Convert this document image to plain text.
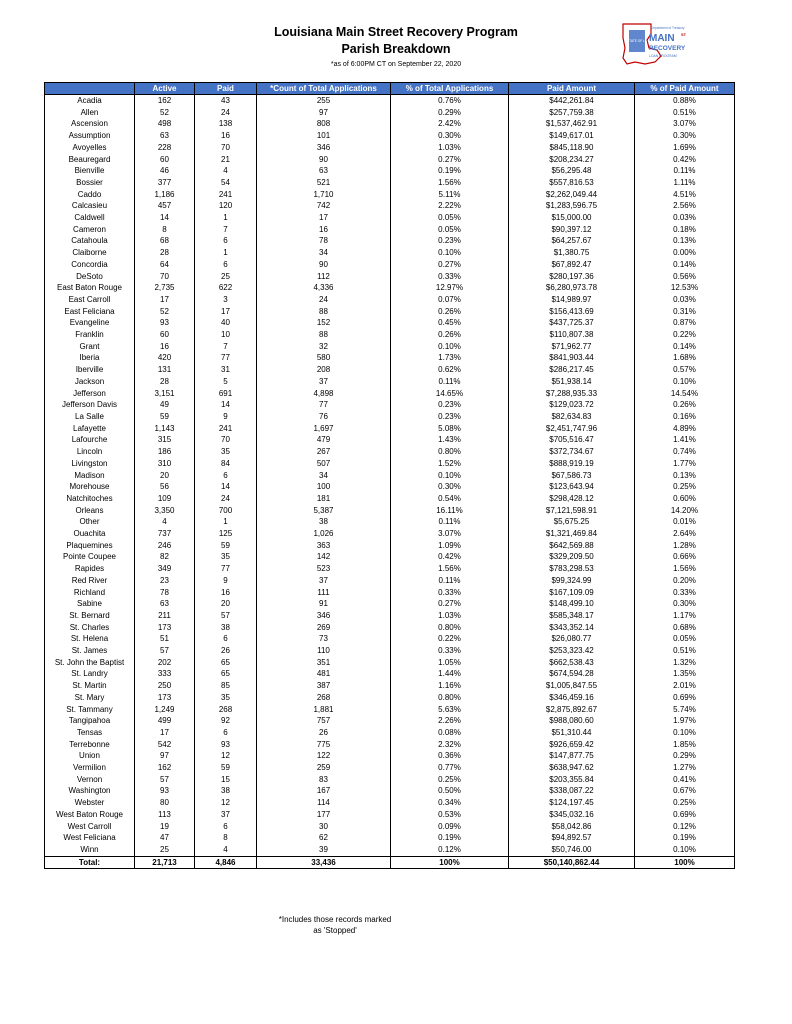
Louisiana Main Street Recovery Program
Parish Breakdown
*as of 6:00PM CT on September 22, 2020
STATE OF LA
Department of Treasury
MAIN ST
RECOVERY
LOAN PROGRAM
	Active	Paid	*Count of Total Applications	% of Total Applications	Paid Amount	% of Paid Amount
Acadia	162	43	255	0.76%	$442,261.84	0.88%
Allen	52	24	97	0.29%	$257,759.38	0.51%
Ascension	498	138	808	2.42%	$1,537,462.91	3.07%
Assumption	63	16	101	0.30%	$149,617.01	0.30%
Avoyelles	228	70	346	1.03%	$845,118.90	1.69%
Beauregard	60	21	90	0.27%	$208,234.27	0.42%
Bienville	46	4	63	0.19%	$56,295.48	0.11%
Bossier	377	54	521	1.56%	$557,816.53	1.11%
Caddo	1,186	241	1,710	5.11%	$2,262,049.44	4.51%
Calcasieu	457	120	742	2.22%	$1,283,596.75	2.56%
Caldwell	14	1	17	0.05%	$15,000.00	0.03%
Cameron	8	7	16	0.05%	$90,397.12	0.18%
Catahoula	68	6	78	0.23%	$64,257.67	0.13%
Claiborne	28	1	34	0.10%	$1,380.75	0.00%
Concordia	64	6	90	0.27%	$67,892.47	0.14%
DeSoto	70	25	112	0.33%	$280,197.36	0.56%
East Baton Rouge	2,735	622	4,336	12.97%	$6,280,973.78	12.53%
East Carroll	17	3	24	0.07%	$14,989.97	0.03%
East Feliciana	52	17	88	0.26%	$156,413.69	0.31%
Evangeline	93	40	152	0.45%	$437,725.37	0.87%
Franklin	60	10	88	0.26%	$110,807.38	0.22%
Grant	16	7	32	0.10%	$71,962.77	0.14%
Iberia	420	77	580	1.73%	$841,903.44	1.68%
Iberville	131	31	208	0.62%	$286,217.45	0.57%
Jackson	28	5	37	0.11%	$51,938.14	0.10%
Jefferson	3,151	691	4,898	14.65%	$7,288,935.33	14.54%
Jefferson Davis	49	14	77	0.23%	$129,023.72	0.26%
La Salle	59	9	76	0.23%	$82,634.83	0.16%
Lafayette	1,143	241	1,697	5.08%	$2,451,747.96	4.89%
Lafourche	315	70	479	1.43%	$705,516.47	1.41%
Lincoln	186	35	267	0.80%	$372,734.67	0.74%
Livingston	310	84	507	1.52%	$888,919.19	1.77%
Madison	20	6	34	0.10%	$67,586.73	0.13%
Morehouse	56	14	100	0.30%	$123,643.94	0.25%
Natchitoches	109	24	181	0.54%	$298,428.12	0.60%
Orleans	3,350	700	5,387	16.11%	$7,121,598.91	14.20%
Other	4	1	38	0.11%	$5,675.25	0.01%
Ouachita	737	125	1,026	3.07%	$1,321,469.84	2.64%
Plaquemines	246	59	363	1.09%	$642,569.88	1.28%
Pointe Coupee	82	35	142	0.42%	$329,209.50	0.66%
Rapides	349	77	523	1.56%	$783,298.53	1.56%
Red River	23	9	37	0.11%	$99,324.99	0.20%
Richland	78	16	111	0.33%	$167,109.09	0.33%
Sabine	63	20	91	0.27%	$148,499.10	0.30%
St. Bernard	211	57	346	1.03%	$585,348.17	1.17%
St. Charles	173	38	269	0.80%	$343,352.14	0.68%
St. Helena	51	6	73	0.22%	$26,080.77	0.05%
St. James	57	26	110	0.33%	$253,323.42	0.51%
St. John the Baptist	202	65	351	1.05%	$662,538.43	1.32%
St. Landry	333	65	481	1.44%	$674,594.28	1.35%
St. Martin	250	85	387	1.16%	$1,005,847.55	2.01%
St. Mary	173	35	268	0.80%	$346,459.16	0.69%
St. Tammany	1,249	268	1,881	5.63%	$2,875,892.67	5.74%
Tangipahoa	499	92	757	2.26%	$988,080.60	1.97%
Tensas	17	6	26	0.08%	$51,310.44	0.10%
Terrebonne	542	93	775	2.32%	$926,659.42	1.85%
Union	97	12	122	0.36%	$147,877.75	0.29%
Vermilion	162	59	259	0.77%	$638,947.62	1.27%
Vernon	57	15	83	0.25%	$203,355.84	0.41%
Washington	93	38	167	0.50%	$338,087.22	0.67%
Webster	80	12	114	0.34%	$124,197.45	0.25%
West Baton Rouge	113	37	177	0.53%	$345,032.16	0.69%
West Carroll	19	6	30	0.09%	$58,042.86	0.12%
West Feliciana	47	8	62	0.19%	$94,892.57	0.19%
Winn	25	4	39	0.12%	$50,746.00	0.10%
Total:	21,713	4,846	33,436	100%	$50,140,862.44	100%
*Includes those records marked
as 'Stopped'
